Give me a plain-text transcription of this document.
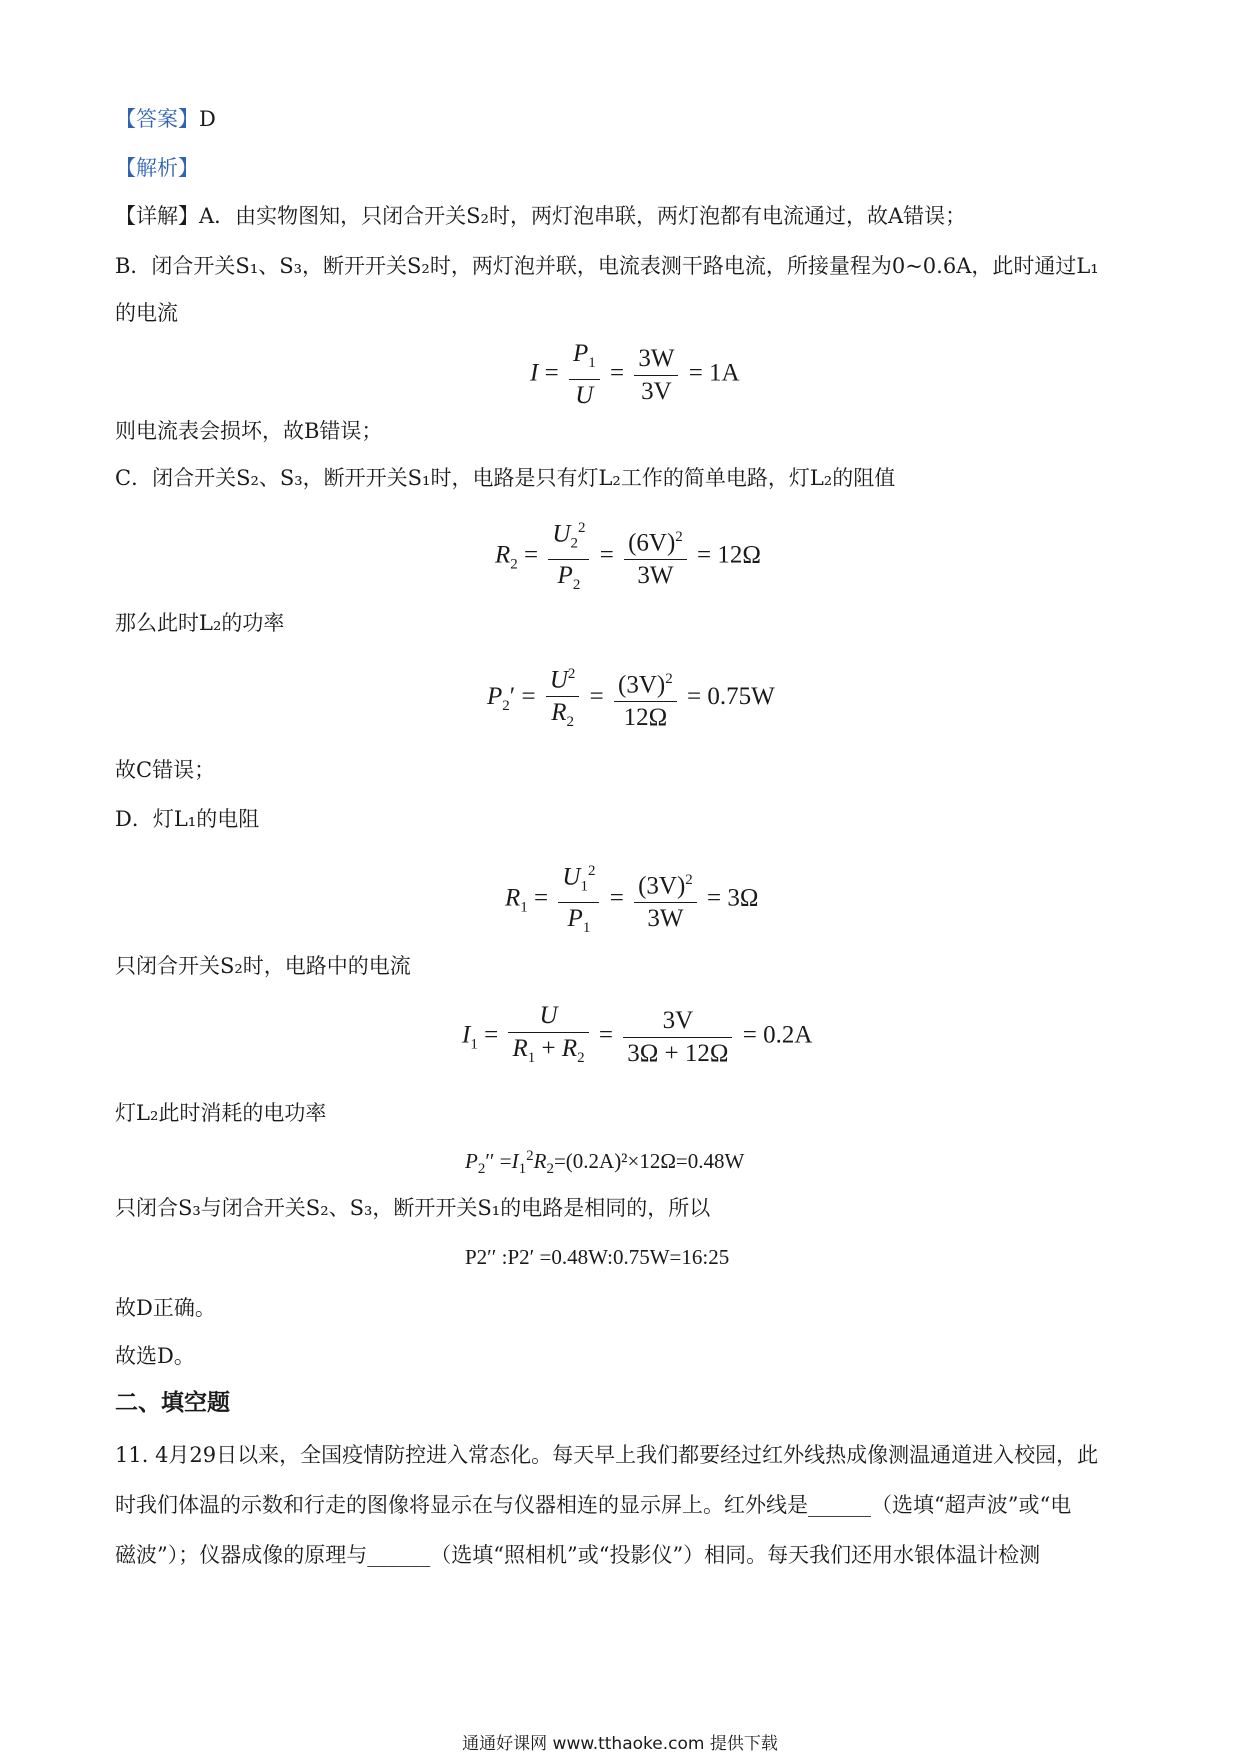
【答案】D
【解析】
【详解】A．由实物图知，只闭合开关S₂时，两灯泡串联，两灯泡都有电流通过，故A错误；
B．闭合开关S₁、S₃，断开开关S₂时，两灯泡并联，电流表测干路电流，所接量程为0~0.6A，此时通过L₁
的电流
$I = \frac{P_1}{U} = \frac{3W}{3V} = 1A$
则电流表会损坏，故B错误；
C．闭合开关S₂、S₃，断开开关S₁时，电路是只有灯L₂工作的简单电路，灯L₂的阻值
$R_2 = \frac{U_2^2}{P_2} = \frac{(6V)^2}{3W} = 12\Omega$
那么此时L₂的功率
$P_2' = \frac{U^2}{R_2} = \frac{(3V)^2}{12\Omega} = 0.75W$
故C错误；
D．灯L₁的电阻
$R_1 = \frac{U_1^2}{P_1} = \frac{(3V)^2}{3W} = 3\Omega$
只闭合开关S₂时，电路中的电流
$I_1 = \frac{U}{R_1 + R_2} = \frac{3V}{3\Omega + 12\Omega} = 0.2A$
灯L₂此时消耗的电功率
$P_2'' =I_1^2R_2=(0.2A)^2\times 12\Omega=0.48W$
只闭合S₃与闭合开关S₂、S₃，断开开关S₁的电路是相同的，所以
P2′′ :P2′ =0.48W:0.75W=16:25
故D正确。
故选D。
二、填空题
11. 4月29日以来，全国疫情防控进入常态化。每天早上我们都要经过红外线热成像测温通道进入校园，此
时我们体温的示数和行走的图像将显示在与仪器相连的显示屏上。红外线是______（选填“超声波”或“电
磁波”）；仪器成像的原理与______（选填“照相机”或“投影仪”）相同。每天我们还用水银体温计检测
通通好课网 www.tthaoke.com 提供下载
